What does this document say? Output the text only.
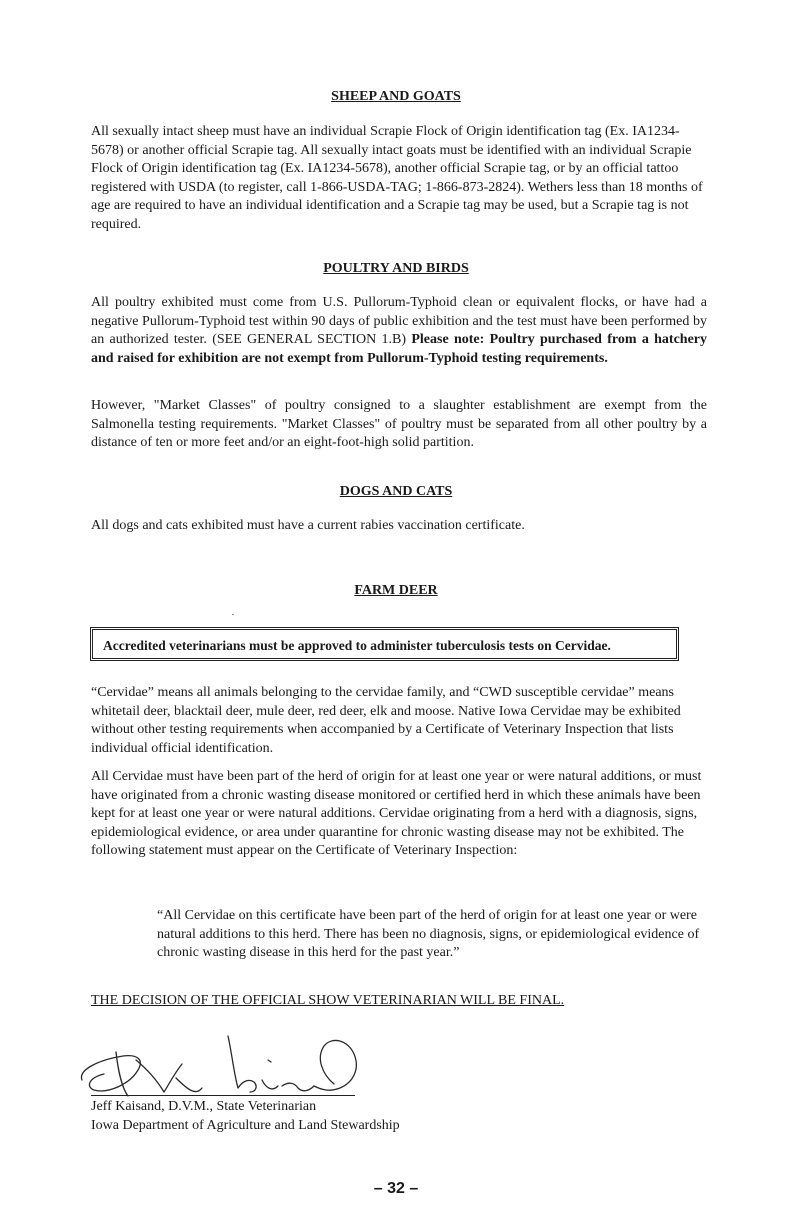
SHEEP AND GOATS

All sexually intact sheep must have an individual Scrapie Flock of Origin identification tag (Ex. IA1234-5678) or another official Scrapie tag. All sexually intact goats must be identified with an individual Scrapie Flock of Origin identification tag (Ex. IA1234-5678), another official Scrapie tag, or by an official tattoo registered with USDA (to register, call 1-866-USDA-TAG; 1-866-873-2824). Wethers less than 18 months of age are required to have an individual identification and a Scrapie tag may be used, but a Scrapie tag is not required.

POULTRY AND BIRDS

All poultry exhibited must come from U.S. Pullorum-Typhoid clean or equivalent flocks, or have had a negative Pullorum-Typhoid test within 90 days of public exhibition and the test must have been performed by an authorized tester. (SEE GENERAL SECTION 1.B) Please note: Poultry purchased from a hatchery and raised for exhibition are not exempt from Pullorum-Typhoid testing requirements.

However, "Market Classes" of poultry consigned to a slaughter establishment are exempt from the Salmonella testing requirements. "Market Classes" of poultry must be separated from all other poultry by a distance of ten or more feet and/or an eight-foot-high solid partition.

DOGS AND CATS

All dogs and cats exhibited must have a current rabies vaccination certificate.

FARM DEER
Accredited veterinarians must be approved to administer tuberculosis tests on Cervidae.

“Cervidae” means all animals belonging to the cervidae family, and “CWD susceptible cervidae” means whitetail deer, blacktail deer, mule deer, red deer, elk and moose. Native Iowa Cervidae may be exhibited without other testing requirements when accompanied by a Certificate of Veterinary Inspection that lists individual official identification.

All Cervidae must have been part of the herd of origin for at least one year or were natural additions, or must have originated from a chronic wasting disease monitored or certified herd in which these animals have been kept for at least one year or were natural additions. Cervidae originating from a herd with a diagnosis, signs, epidemiological evidence, or area under quarantine for chronic wasting disease may not be exhibited. The following statement must appear on the Certificate of Veterinary Inspection:

“All Cervidae on this certificate have been part of the herd of origin for at least one year or were natural additions to this herd. There has been no diagnosis, signs, or epidemiological evidence of chronic wasting disease in this herd for the past year.”

THE DECISION OF THE OFFICIAL SHOW VETERINARIAN WILL BE FINAL.
Jeff Kaisand, D.V.M., State Veterinarian
Iowa Department of Agriculture and Land Stewardship
– 32 –
